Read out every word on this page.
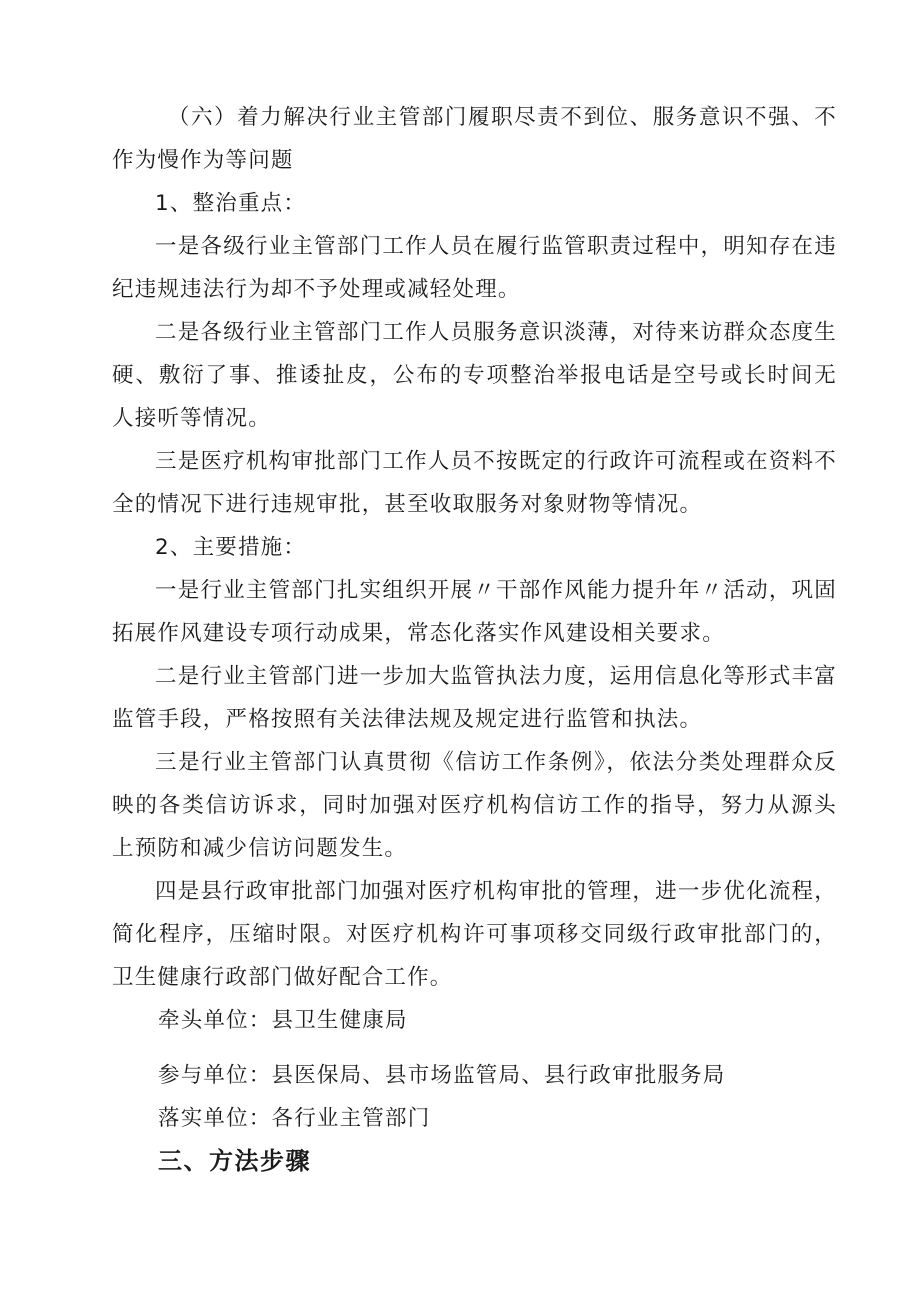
（六）着力解决行业主管部门履职尽责不到位、服务意识不强、不作为慢作为等问题

1、整治重点：

一是各级行业主管部门工作人员在履行监管职责过程中，明知存在违纪违规违法行为却不予处理或减轻处理。

二是各级行业主管部门工作人员服务意识淡薄，对待来访群众态度生硬、敷衍了事、推诿扯皮，公布的专项整治举报电话是空号或长时间无人接听等情况。

三是医疗机构审批部门工作人员不按既定的行政许可流程或在资料不全的情况下进行违规审批，甚至收取服务对象财物等情况。

2、主要措施：

一是行业主管部门扎实组织开展〃干部作风能力提升年〃活动，巩固拓展作风建设专项行动成果，常态化落实作风建设相关要求。

二是行业主管部门进一步加大监管执法力度，运用信息化等形式丰富监管手段，严格按照有关法律法规及规定进行监管和执法。

三是行业主管部门认真贯彻《信访工作条例》，依法分类处理群众反映的各类信访诉求，同时加强对医疗机构信访工作的指导，努力从源头上预防和减少信访问题发生。

四是县行政审批部门加强对医疗机构审批的管理，进一步优化流程，简化程序，压缩时限。对医疗机构许可事项移交同级行政审批部门的，卫生健康行政部门做好配合工作。

牵头单位：县卫生健康局

参与单位：县医保局、县市场监管局、县行政审批服务局

落实单位：各行业主管部门

三、方法步骤
